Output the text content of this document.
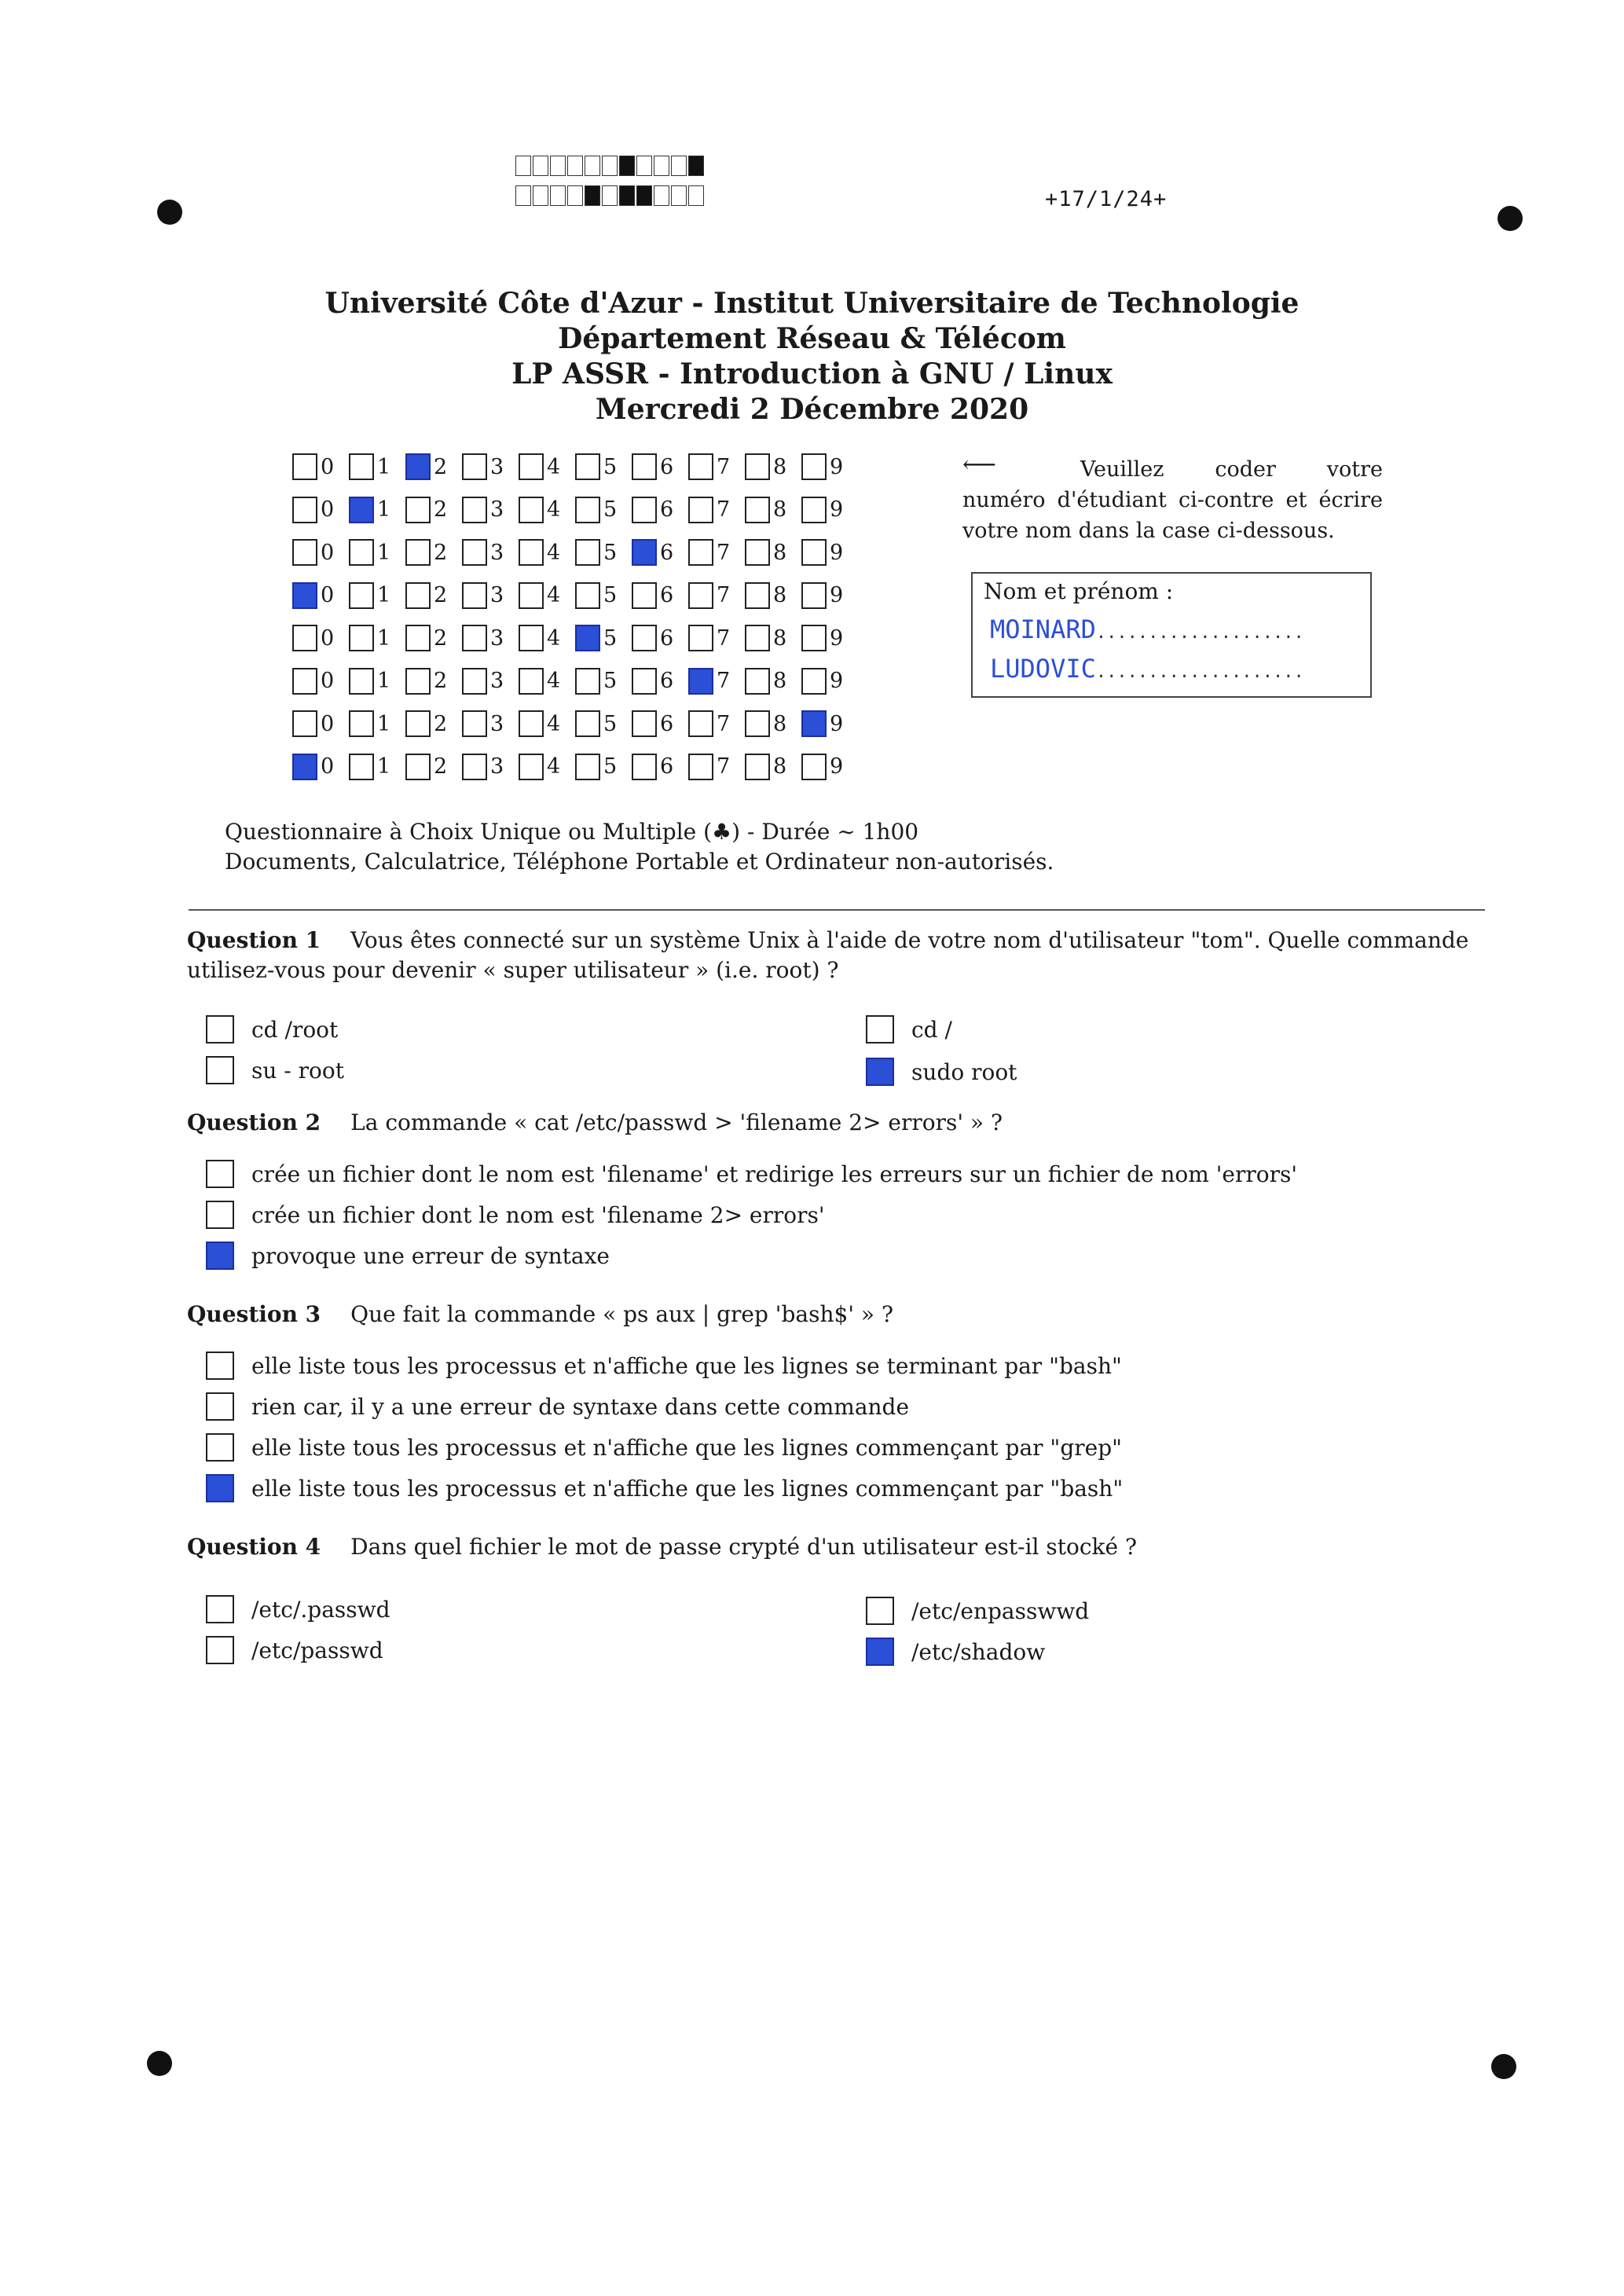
+17/1/24+
Université Côte d'Azur - Institut Universitaire de Technologie
Département Réseau & Télécom
LP ASSR - Introduction à GNU / Linux
Mercredi 2 Décembre 2020
0 1 2 3 4 5 6 7 8 9
0 1 2 3 4 5 6 7 8 9
0 1 2 3 4 5 6 7 8 9
0 1 2 3 4 5 6 7 8 9
0 1 2 3 4 5 6 7 8 9
0 1 2 3 4 5 6 7 8 9
0 1 2 3 4 5 6 7 8 9
0 1 2 3 4 5 6 7 8 9
⟵	Veuillez coder votre numéro d'étudiant ci-contre et écrire votre nom dans la case ci-dessous.
Nom et prénom :
MOINARD....................
LUDOVIC....................
Questionnaire à Choix Unique ou Multiple (♣) - Durée ∼ 1h00
Documents, Calculatrice, Téléphone Portable et Ordinateur non-autorisés.
Question 1 Vous êtes connecté sur un système Unix à l'aide de votre nom d'utilisateur "tom". Quelle commande utilisez-vous pour devenir « super utilisateur » (i.e. root) ?
cd /root
su - root
cd /
sudo root
Question 2 La commande « cat /etc/passwd > 'filename 2> errors' » ?
crée un fichier dont le nom est 'filename' et redirige les erreurs sur un fichier de nom 'errors'
crée un fichier dont le nom est 'filename 2> errors'
provoque une erreur de syntaxe
Question 3 Que fait la commande « ps aux | grep 'bash$' » ?
elle liste tous les processus et n'affiche que les lignes se terminant par "bash"
rien car, il y a une erreur de syntaxe dans cette commande
elle liste tous les processus et n'affiche que les lignes commençant par "grep"
elle liste tous les processus et n'affiche que les lignes commençant par "bash"
Question 4 Dans quel fichier le mot de passe crypté d'un utilisateur est-il stocké ?
/etc/.passwd
/etc/passwd
/etc/enpasswwd
/etc/shadow
